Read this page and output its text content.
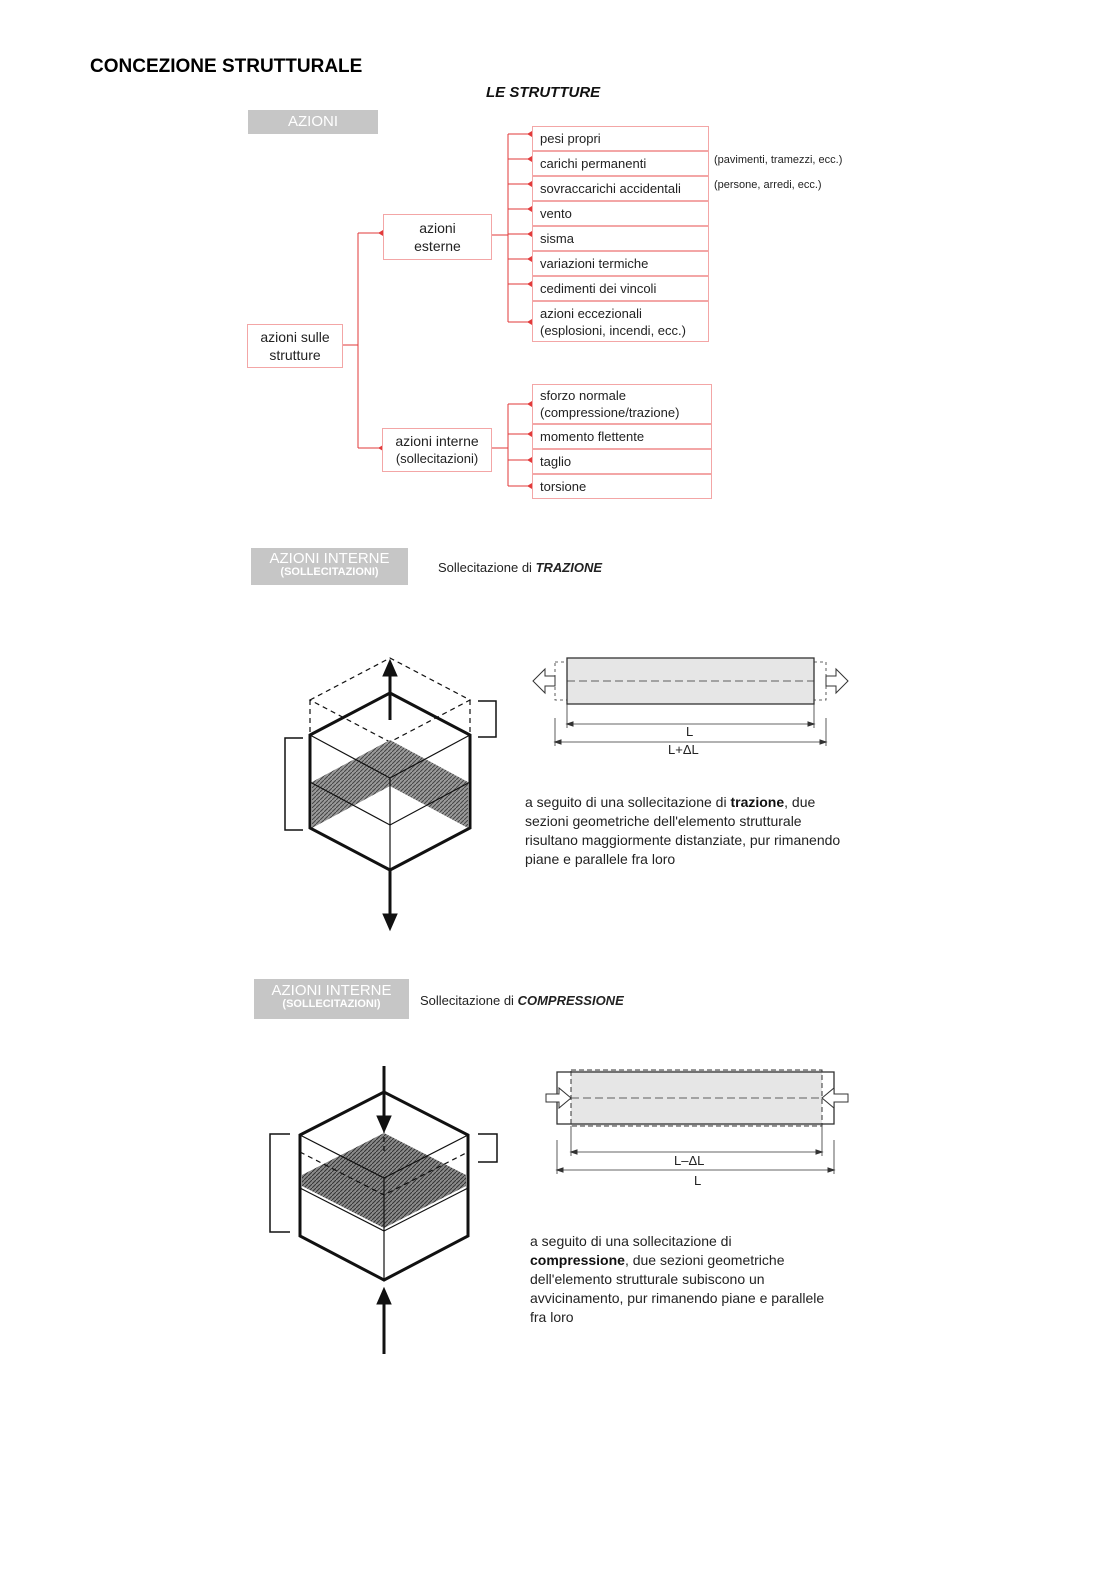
CONCEZIONE STRUTTURALE
LE STRUTTURE
AZIONI
azioni sulle strutture
azioni esterne
pesi propri
carichi permanenti
sovraccarichi accidentali
vento
sisma
variazioni termiche
cedimenti dei vincoli
azioni eccezionali (esplosioni, incendi, ecc.)
(pavimenti, tramezzi, ecc.)
(persone, arredi, ecc.)
azioni interne
(sollecitazioni)
sforzo normale (compressione/trazione)
momento flettente
taglio
torsione
AZIONI INTERNE
(SOLLECITAZIONI)	Sollecitazione di TRAZIONE
L
L+ΔL
a seguito di una sollecitazione di trazione, due sezioni geometriche dell'elemento strutturale risultano maggiormente distanziate, pur rimanendo piane e parallele fra loro
AZIONI INTERNE
(SOLLECITAZIONI)	Sollecitazione di COMPRESSIONE
L–ΔL
L
a seguito di una sollecitazione di compressione, due sezioni geometriche dell'elemento strutturale subiscono un avvicinamento, pur rimanendo piane e parallele fra loro
